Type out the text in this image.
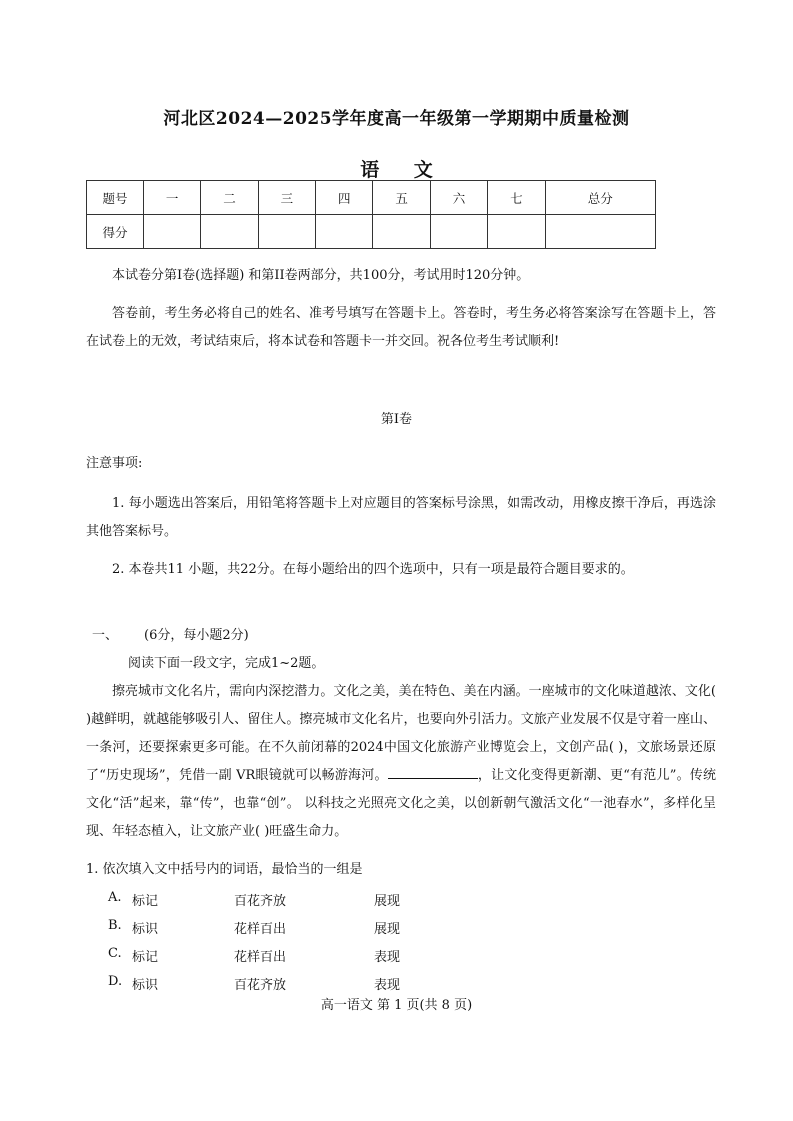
河北区2024—2025学年度高一年级第一学期期中质量检测
语 文
题号	一	二	三	四	五	六	七	总分
得分								
本试卷分第Ⅰ卷(选择题) 和第II卷两部分，共100分，考试用时120分钟。
答卷前，考生务必将自己的姓名、准考号填写在答题卡上。答卷时，考生务必将答案涂写在答题卡上，答在试卷上的无效，考试结束后，将本试卷和答题卡一并交回。祝各位考生考试顺利!
第Ⅰ卷
注意事项:
1. 每小题选出答案后，用铅笔将答题卡上对应题目的答案标号涂黑，如需改动，用橡皮擦干净后，再选涂其他答案标号。
2. 本卷共11 小题，共22分。在每小题给出的四个选项中，只有一项是最符合题目要求的。
一、 (6分，每小题2分)
阅读下面一段文字，完成1~2题。
擦亮城市文化名片，需向内深挖潜力。文化之美，美在特色、美在内涵。一座城市的文化味道越浓、文化( )越鲜明，就越能够吸引人、留住人。擦亮城市文化名片，也要向外引活力。文旅产业发展不仅是守着一座山、一条河，还要探索更多可能。在不久前闭幕的2024中国文化旅游产业博览会上，文创产品( )，文旅场景还原了“历史现场”，凭借一副 VR眼镜就可以畅游海河。	，让文化变得更新潮、更“有范儿”。传统文化“活”起来，靠“传”，也靠“创”。 以科技之光照亮文化之美，以创新朝气激活文化“一池春水”，多样化呈现、年轻态植入，让文旅产业( )旺盛生命力。
1. 依次填入文中括号内的词语，最恰当的一组是
A. 标记	百花齐放	展现
B. 标识	花样百出	展现
C. 标记	花样百出	表现
D. 标识	百花齐放	表现
高一语文 第 1 页(共 8 页)
